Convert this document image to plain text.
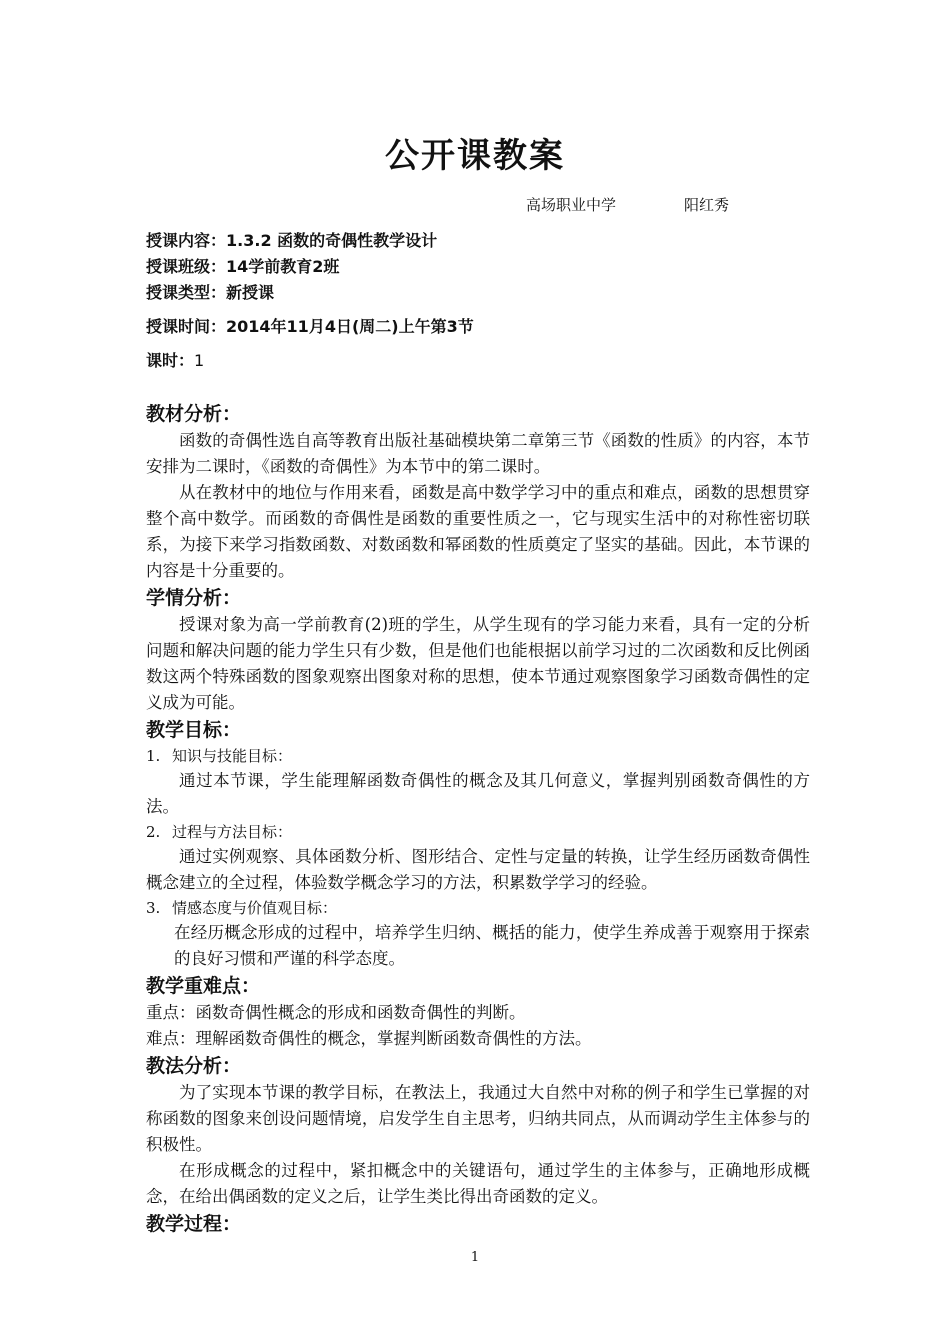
公开课教案
高场职业中学	阳红秀
授课内容：1.3.2 函数的奇偶性教学设计
授课班级：14学前教育2班
授课类型：新授课
授课时间：2014年11月4日(周二)上午第3节
课时：1
教材分析：

函数的奇偶性选自高等教育出版社基础模块第二章第三节《函数的性质》的内容，本节安排为二课时，《函数的奇偶性》为本节中的第二课时。

从在教材中的地位与作用来看，函数是高中数学学习中的重点和难点，函数的思想贯穿整个高中数学。而函数的奇偶性是函数的重要性质之一，它与现实生活中的对称性密切联系，为接下来学习指数函数、对数函数和幂函数的性质奠定了坚实的基础。因此，本节课的内容是十分重要的。

学情分析：

授课对象为高一学前教育(2)班的学生，从学生现有的学习能力来看，具有一定的分析问题和解决问题的能力学生只有少数，但是他们也能根据以前学习过的二次函数和反比例函数这两个特殊函数的图象观察出图象对称的思想，使本节通过观察图象学习函数奇偶性的定义成为可能。

教学目标：
1. 知识与技能目标：

通过本节课，学生能理解函数奇偶性的概念及其几何意义，掌握判别函数奇偶性的方法。

2. 过程与方法目标：

通过实例观察、具体函数分析、图形结合、定性与定量的转换，让学生经历函数奇偶性概念建立的全过程，体验数学概念学习的方法，积累数学学习的经验。

3. 情感态度与价值观目标：

在经历概念形成的过程中，培养学生归纳、概括的能力，使学生养成善于观察用于探索的良好习惯和严谨的科学态度。

教学重难点：

重点：函数奇偶性概念的形成和函数奇偶性的判断。

难点：理解函数奇偶性的概念，掌握判断函数奇偶性的方法。

教法分析：

为了实现本节课的教学目标，在教法上，我通过大自然中对称的例子和学生已掌握的对称函数的图象来创设问题情境，启发学生自主思考，归纳共同点，从而调动学生主体参与的积极性。

在形成概念的过程中，紧扣概念中的关键语句，通过学生的主体参与，正确地形成概念，在给出偶函数的定义之后，让学生类比得出奇函数的定义。

教学过程：
1
